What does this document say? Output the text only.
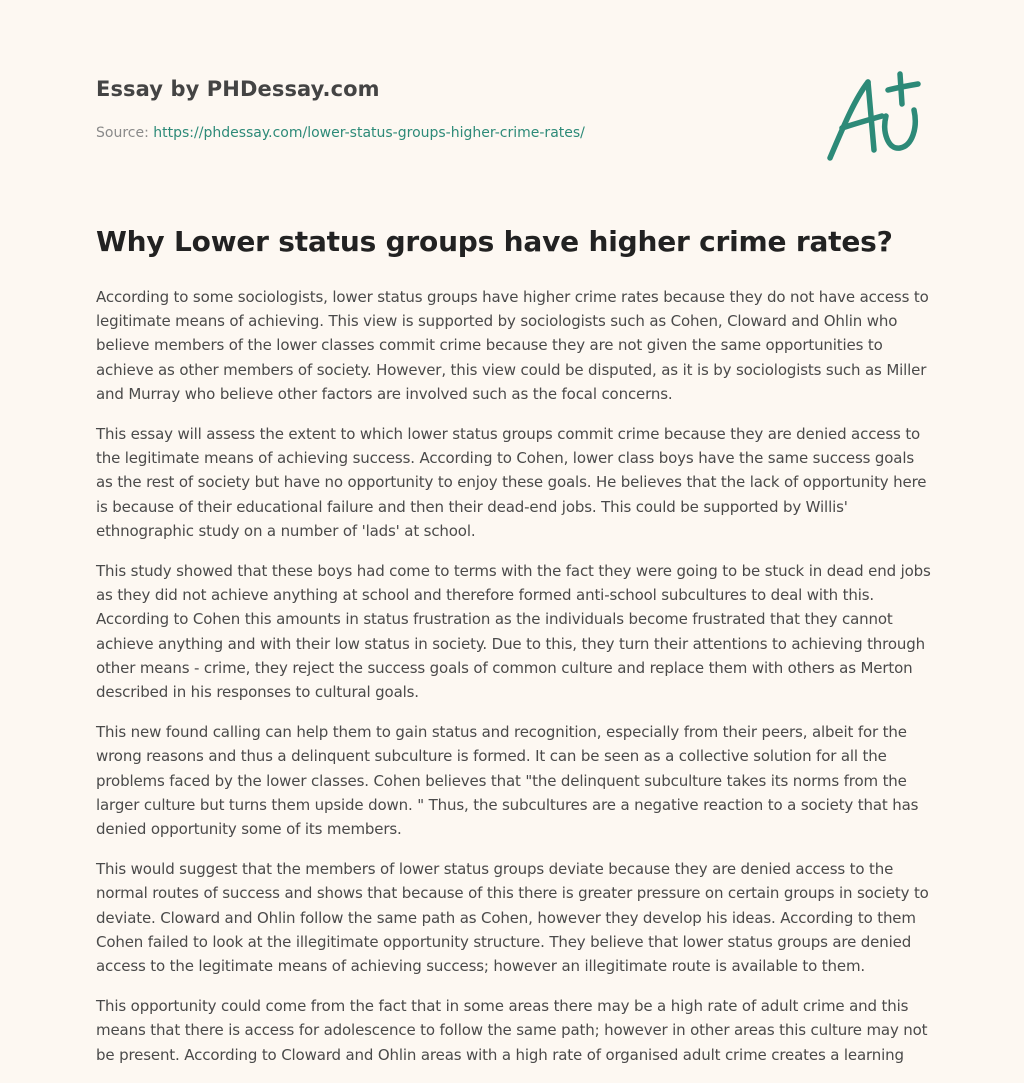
Essay by PHDessay.com

Source: https://phdessay.com/lower-status-groups-higher-crime-rates/

Why Lower status groups have higher crime rates?

According to some sociologists, lower status groups have higher crime rates because they do not have access to legitimate means of achieving. This view is supported by sociologists such as Cohen, Cloward and Ohlin who believe members of the lower classes commit crime because they are not given the same opportunities to achieve as other members of society. However, this view could be disputed, as it is by sociologists such as Miller and Murray who believe other factors are involved such as the focal concerns.

This essay will assess the extent to which lower status groups commit crime because they are denied access to the legitimate means of achieving success. According to Cohen, lower class boys have the same success goals as the rest of society but have no opportunity to enjoy these goals. He believes that the lack of opportunity here is because of their educational failure and then their dead-end jobs. This could be supported by Willis' ethnographic study on a number of 'lads' at school.

This study showed that these boys had come to terms with the fact they were going to be stuck in dead end jobs as they did not achieve anything at school and therefore formed anti-school subcultures to deal with this. According to Cohen this amounts in status frustration as the individuals become frustrated that they cannot achieve anything and with their low status in society. Due to this, they turn their attentions to achieving through other means - crime, they reject the success goals of common culture and replace them with others as Merton described in his responses to cultural goals.

This new found calling can help them to gain status and recognition, especially from their peers, albeit for the wrong reasons and thus a delinquent subculture is formed. It can be seen as a collective solution for all the problems faced by the lower classes. Cohen believes that "the delinquent subculture takes its norms from the larger culture but turns them upside down. " Thus, the subcultures are a negative reaction to a society that has denied opportunity some of its members.

This would suggest that the members of lower status groups deviate because they are denied access to the normal routes of success and shows that because of this there is greater pressure on certain groups in society to deviate. Cloward and Ohlin follow the same path as Cohen, however they develop his ideas. According to them Cohen failed to look at the illegitimate opportunity structure. They believe that lower status groups are denied access to the legitimate means of achieving success; however an illegitimate route is available to them.

This opportunity could come from the fact that in some areas there may be a high rate of adult crime and this means that there is access for adolescence to follow the same path; however in other areas this culture may not be present. According to Cloward and Ohlin areas with a high rate of organised adult crime creates a learning
